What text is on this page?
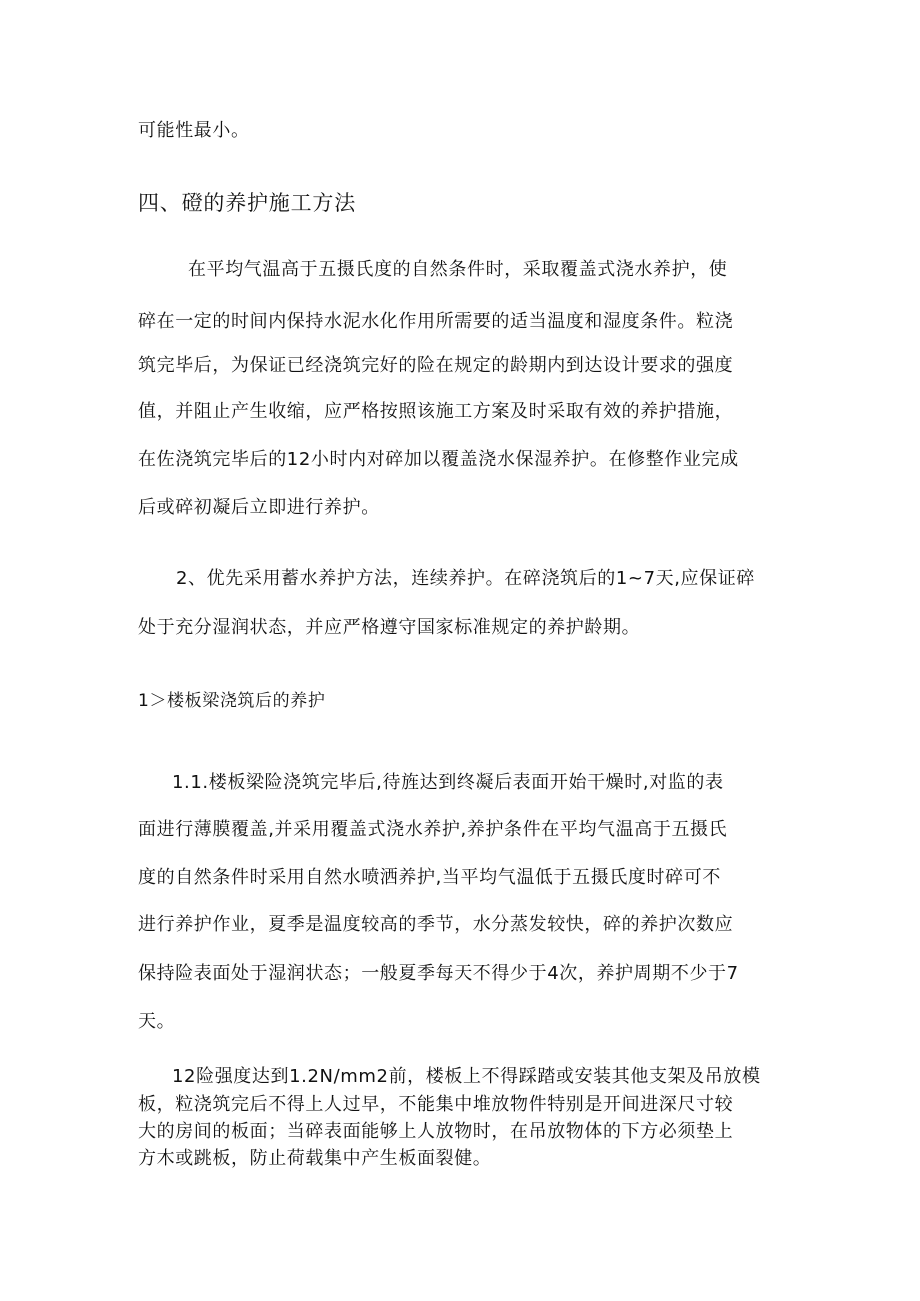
可能性最小。
四、磴的养护施工方法
在平均气温高于五摄氏度的自然条件时，采取覆盖式浇水养护，使
碎在一定的时间内保持水泥水化作用所需要的适当温度和湿度条件。粒浇
筑完毕后，为保证已经浇筑完好的险在规定的龄期内到达设计要求的强度
值，并阻止产生收缩，应严格按照该施工方案及时采取有效的养护措施，
在佐浇筑完毕后的12小时内对碎加以覆盖浇水保湿养护。在修整作业完成
后或碎初凝后立即进行养护。
2、优先采用蓄水养护方法，连续养护。在碎浇筑后的1~7天,应保证碎
处于充分湿润状态，并应严格遵守国家标准规定的养护龄期。
1＞楼板梁浇筑后的养护
1.1.楼板梁险浇筑完毕后,待旌达到终凝后表面开始干燥时,对监的表
面进行薄膜覆盖,并采用覆盖式浇水养护,养护条件在平均气温高于五摄氏
度的自然条件时采用自然水喷洒养护,当平均气温低于五摄氏度时碎可不
进行养护作业，夏季是温度较高的季节，水分蒸发较快，碎的养护次数应
保持险表面处于湿润状态；一般夏季每天不得少于4次，养护周期不少于7
天。
12险强度达到1.2N∕mm2前，楼板上不得踩踏或安装其他支架及吊放模
板，粒浇筑完后不得上人过早，不能集中堆放物件特别是开间进深尺寸较
大的房间的板面；当碎表面能够上人放物时，在吊放物体的下方必须垫上
方木或跳板，防止荷载集中产生板面裂健。
